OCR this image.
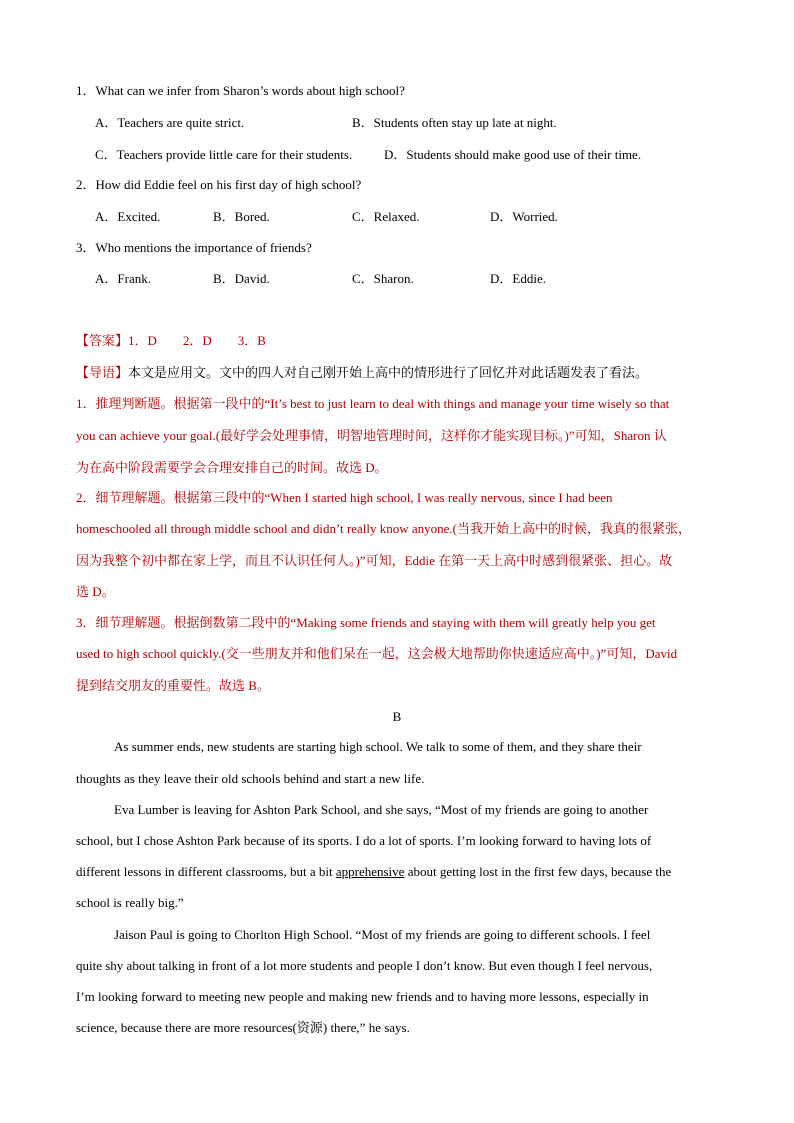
1．What can we infer from Sharon’s words about high school?
A．Teachers are quite strict.	B．Students often stay up late at night.
C．Teachers provide little care for their students. D．Students should make good use of their time.
2．How did Eddie feel on his first day of high school?
A．Excited.	B．Bored.	C．Relaxed.	D．Worried.
3．Who mentions the importance of friends?
A．Frank.	B．David.	C．Sharon.	D．Eddie.
【答案】1．D　　2．D　　3．B
【导语】本文是应用文。文中的四人对自己刚开始上高中的情形进行了回忆并对此话题发表了看法。
1．推理判断题。根据第一段中的“It’s best to just learn to deal with things and manage your time wisely so that
you can achieve your goal.(最好学会处理事情，明智地管理时间，这样你才能实现目标。)”可知，Sharon 认
为在高中阶段需要学会合理安排自己的时间。故选 D。
2．细节理解题。根据第三段中的“When I started high school, I was really nervous, since I had been
homeschooled all through middle school and didn’t really know anyone.(当我开始上高中的时候，我真的很紧张，
因为我整个初中都在家上学，而且不认识任何人。)”可知，Eddie 在第一天上高中时感到很紧张、担心。故
选 D。
3．细节理解题。根据倒数第二段中的“Making some friends and staying with them will greatly help you get
used to high school quickly.(交一些朋友并和他们呆在一起，这会极大地帮助你快速适应高中。)”可知，David
提到结交朋友的重要性。故选 B。
B
As summer ends, new students are starting high school. We talk to some of them, and they share their
thoughts as they leave their old schools behind and start a new life.
Eva Lumber is leaving for Ashton Park School, and she says, “Most of my friends are going to another
school, but I chose Ashton Park because of its sports. I do a lot of sports. I’m looking forward to having lots of
different lessons in different classrooms, but a bit apprehensive about getting lost in the first few days, because the
school is really big.”
Jaison Paul is going to Chorlton High School. “Most of my friends are going to different schools. I feel
quite shy about talking in front of a lot more students and people I don’t know. But even though I feel nervous,
I’m looking forward to meeting new people and making new friends and to having more lessons, especially in
science, because there are more resources(资源) there,” he says.
